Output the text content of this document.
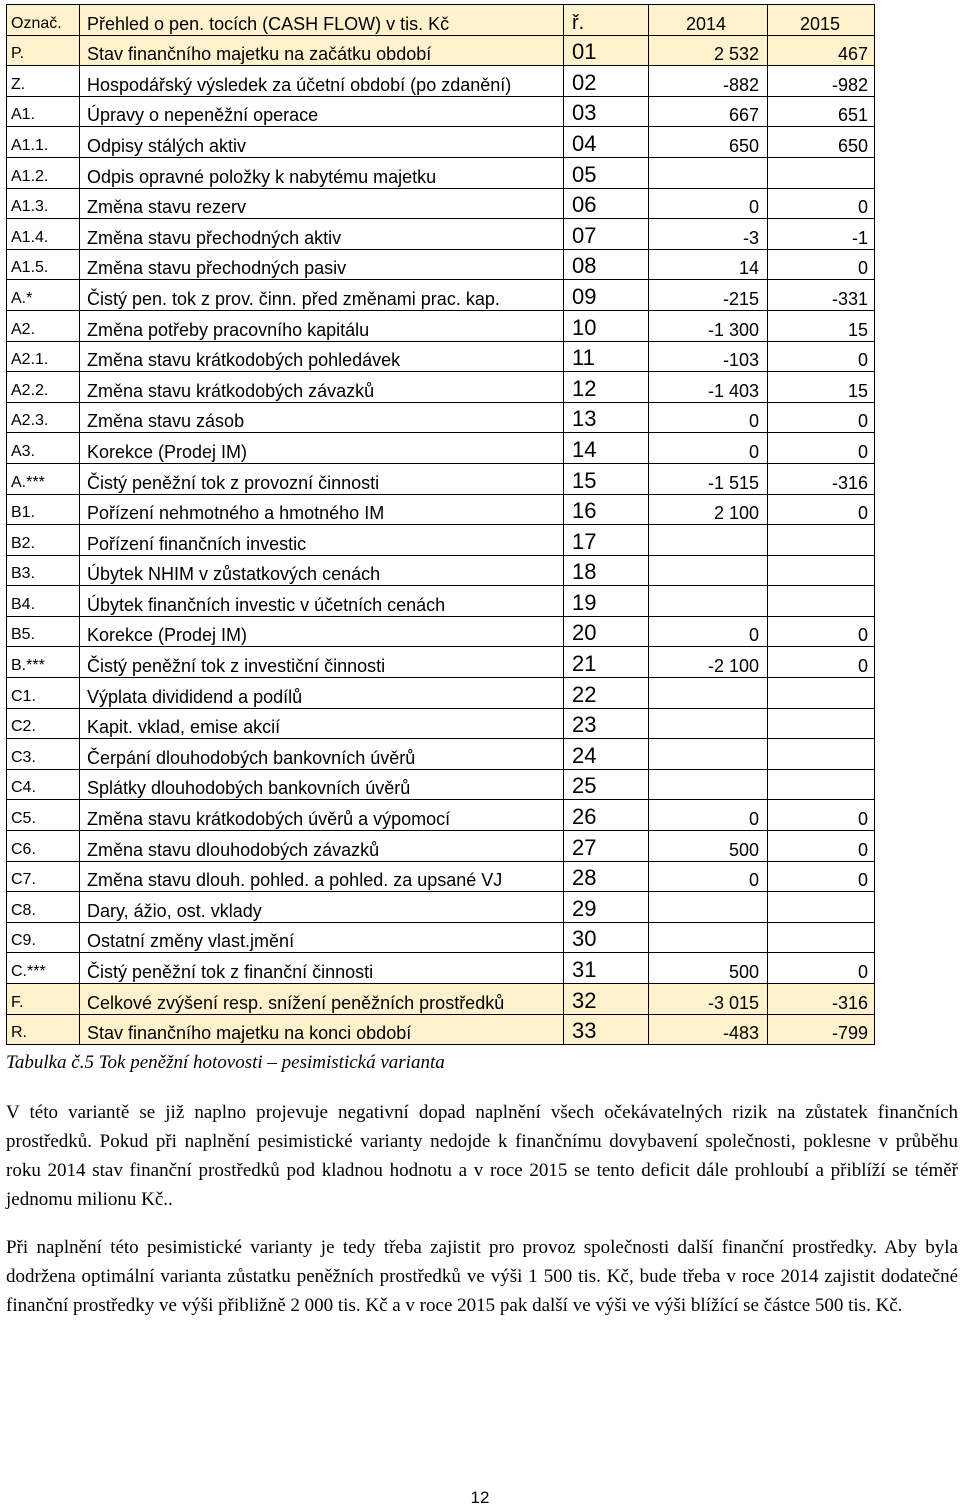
Označ.	Přehled o pen. tocích (CASH FLOW) v tis. Kč	ř.	2014	2015
P.	Stav finančního majetku na začátku období	01	2 532	467
Z.	Hospodářský výsledek za účetní období (po zdanění)	02	-882	-982
A1.	Úpravy o nepeněžní operace	03	667	651
A1.1.	Odpisy stálých aktiv	04	650	650
A1.2.	Odpis opravné položky k nabytému majetku	05		
A1.3.	Změna stavu rezerv	06	0	0
A1.4.	Změna stavu přechodných aktiv	07	-3	-1
A1.5.	Změna stavu přechodných pasiv	08	14	0
A.*	Čistý pen. tok z prov. činn. před změnami prac. kap.	09	-215	-331
A2.	Změna potřeby pracovního kapitálu	10	-1 300	15
A2.1.	Změna stavu krátkodobých pohledávek	11	-103	0
A2.2.	Změna stavu krátkodobých závazků	12	-1 403	15
A2.3.	Změna stavu zásob	13	0	0
A3.	Korekce (Prodej IM)	14	0	0
A.***	Čistý peněžní tok z provozní činnosti	15	-1 515	-316
B1.	Pořízení nehmotného a hmotného IM	16	2 100	0
B2.	Pořízení finančních investic	17		
B3.	Úbytek NHIM v zůstatkových cenách	18		
B4.	Úbytek finančních investic v účetních cenách	19		
B5.	Korekce (Prodej IM)	20	0	0
B.***	Čistý peněžní tok z investiční činnosti	21	-2 100	0
C1.	Výplata divididend a podílů	22		
C2.	Kapit. vklad, emise akcií	23		
C3.	Čerpání dlouhodobých bankovních úvěrů	24		
C4.	Splátky dlouhodobých bankovních úvěrů	25		
C5.	Změna stavu krátkodobých úvěrů a výpomocí	26	0	0
C6.	Změna stavu dlouhodobých závazků	27	500	0
C7.	Změna stavu dlouh. pohled. a pohled. za upsané VJ	28	0	0
C8.	Dary, ážio, ost. vklady	29		
C9.	Ostatní změny vlast.jmění	30		
C.***	Čistý peněžní tok z finanční činnosti	31	500	0
F.	Celkové zvýšení resp. snížení peněžních prostředků	32	-3 015	-316
R.	Stav finančního majetku na konci období	33	-483	-799
Tabulka č.5 Tok peněžní hotovosti – pesimistická varianta

V této variantě se již naplno projevuje negativní dopad naplnění všech očekávatelných rizik na zůstatek finančních prostředků. Pokud při naplnění pesimistické varianty nedojde k finančnímu dovybavení společnosti, poklesne v průběhu roku 2014 stav finanční prostředků pod kladnou hodnotu a v roce 2015 se tento deficit dále prohloubí a přiblíží se téměř jednomu milionu Kč..

Při naplnění této pesimistické varianty je tedy třeba zajistit pro provoz společnosti další finanční prostředky. Aby byla dodržena optimální varianta zůstatku peněžních prostředků ve výši 1 500 tis. Kč, bude třeba v roce 2014 zajistit dodatečné finanční prostředky ve výši přibližně 2 000 tis. Kč a v roce 2015 pak další ve výši ve výši blížící se částce 500 tis. Kč.

12
